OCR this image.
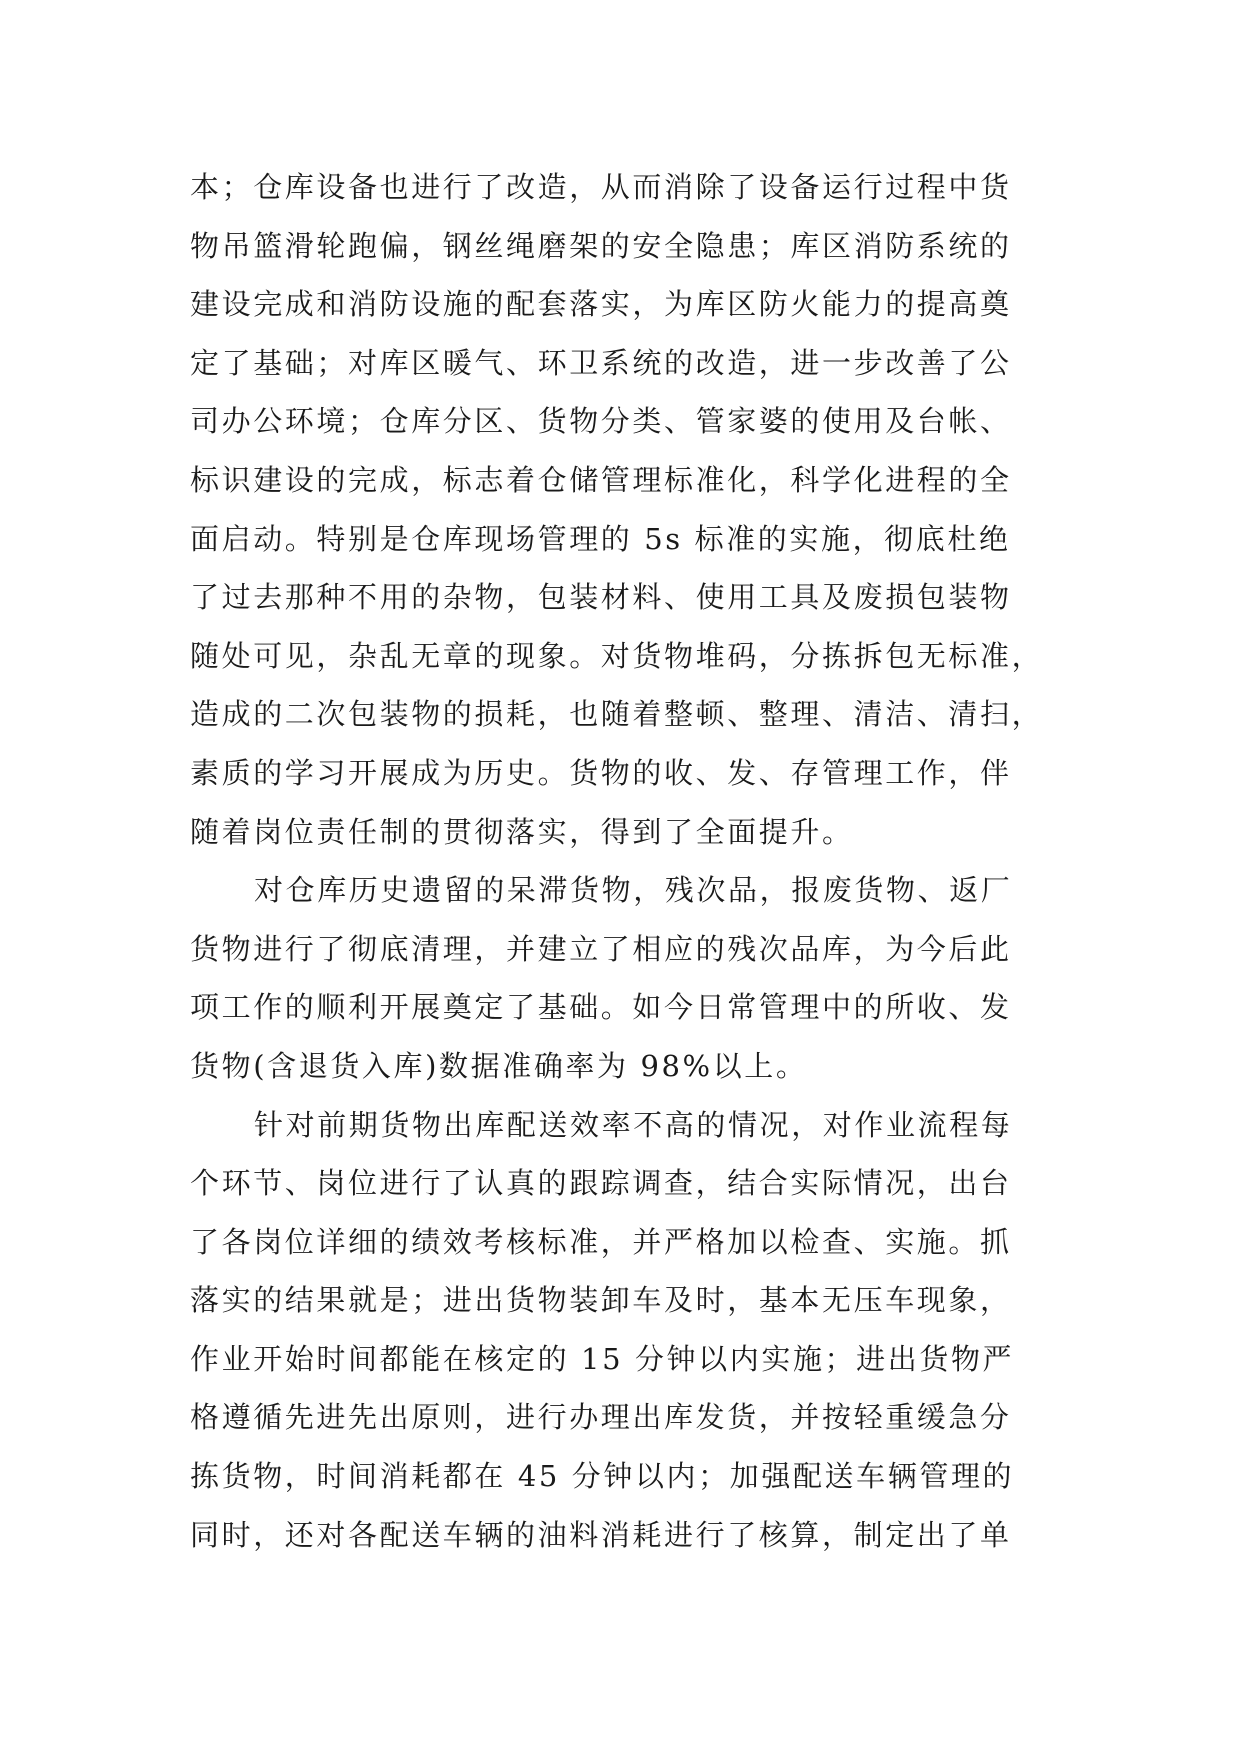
本；仓库设备也进行了改造，从而消除了设备运行过程中货
物吊篮滑轮跑偏，钢丝绳磨架的安全隐患；库区消防系统的
建设完成和消防设施的配套落实，为库区防火能力的提高奠
定了基础；对库区暖气、环卫系统的改造，进一步改善了公
司办公环境；仓库分区、货物分类、管家婆的使用及台帐、
标识建设的完成，标志着仓储管理标准化，科学化进程的全
面启动。特别是仓库现场管理的 5s 标准的实施，彻底杜绝
了过去那种不用的杂物，包装材料、使用工具及废损包装物
随处可见，杂乱无章的现象。对货物堆码，分拣拆包无标准，
造成的二次包装物的损耗，也随着整顿、整理、清洁、清扫，
素质的学习开展成为历史。货物的收、发、存管理工作，伴
随着岗位责任制的贯彻落实，得到了全面提升。
对仓库历史遗留的呆滞货物，残次品，报废货物、返厂
货物进行了彻底清理，并建立了相应的残次品库，为今后此
项工作的顺利开展奠定了基础。如今日常管理中的所收、发
货物(含退货入库)数据准确率为 98%以上。
针对前期货物出库配送效率不高的情况，对作业流程每
个环节、岗位进行了认真的跟踪调查，结合实际情况，出台
了各岗位详细的绩效考核标准，并严格加以检查、实施。抓
落实的结果就是；进出货物装卸车及时，基本无压车现象，
作业开始时间都能在核定的 15 分钟以内实施；进出货物严
格遵循先进先出原则，进行办理出库发货，并按轻重缓急分
拣货物，时间消耗都在 45 分钟以内；加强配送车辆管理的
同时，还对各配送车辆的油料消耗进行了核算，制定出了单
